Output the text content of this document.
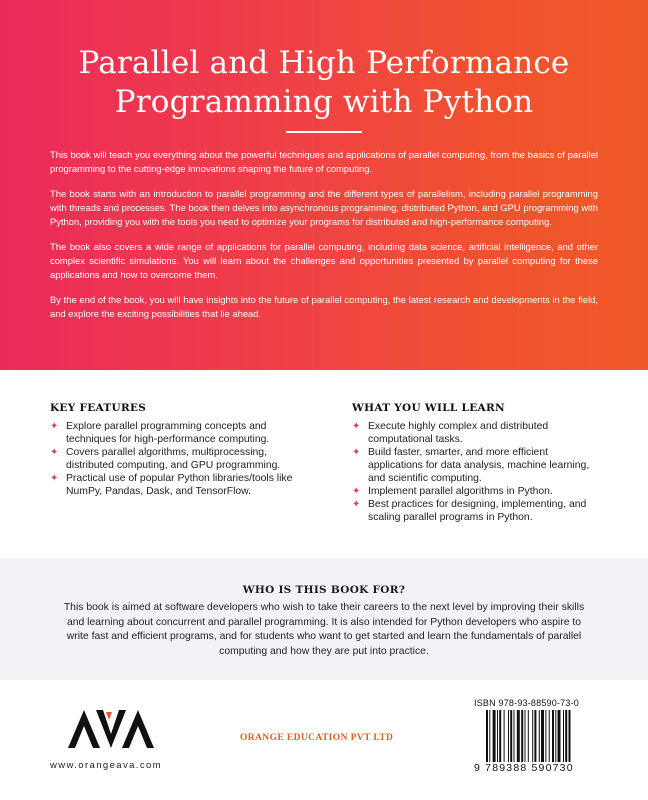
Parallel and High Performance
Programming with Python

This book will teach you everything about the powerful techniques and applications of parallel computing, from the basics of parallel programming to the cutting-edge innovations shaping the future of computing.

The book starts with an introduction to parallel programming and the different types of parallelism, including parallel programming with threads and processes. The book then delves into asynchronous programming, distributed Python, and GPU programming with Python, providing you with the tools you need to optimize your programs for distributed and high-performance computing.

The book also covers a wide range of applications for parallel computing, including data science, artificial intelligence, and other complex scientific simulations. You will learn about the challenges and opportunities presented by parallel computing for these applications and how to overcome them.

By the end of the book, you will have insights into the future of parallel computing, the latest research and developments in the field, and explore the exciting possibilities that lie ahead.

KEY FEATURES
✦ Explore parallel programming concepts and techniques for high-performance computing.
✦ Covers parallel algorithms, multiprocessing, distributed computing, and GPU programming.
✦ Practical use of popular Python libraries/tools like NumPy, Pandas, Dask, and TensorFlow.
WHAT YOU WILL LEARN
✦ Execute highly complex and distributed computational tasks.
✦ Build faster, smarter, and more efficient applications for data analysis, machine learning, and scientific computing.
✦ Implement parallel algorithms in Python.
✦ Best practices for designing, implementing, and scaling parallel programs in Python.
WHO IS THIS BOOK FOR?
This book is aimed at software developers who wish to take their careers to the next level by improving their skills and learning about concurrent and parallel programming. It is also intended for Python developers who aspire to write fast and efficient programs, and for students who want to get started and learn the fundamentals of parallel computing and how they are put into practice.
www.orangeava.com
ORANGE EDUCATION PVT LTD
ISBN 978-93-88590-73-0
9 789388 590730
